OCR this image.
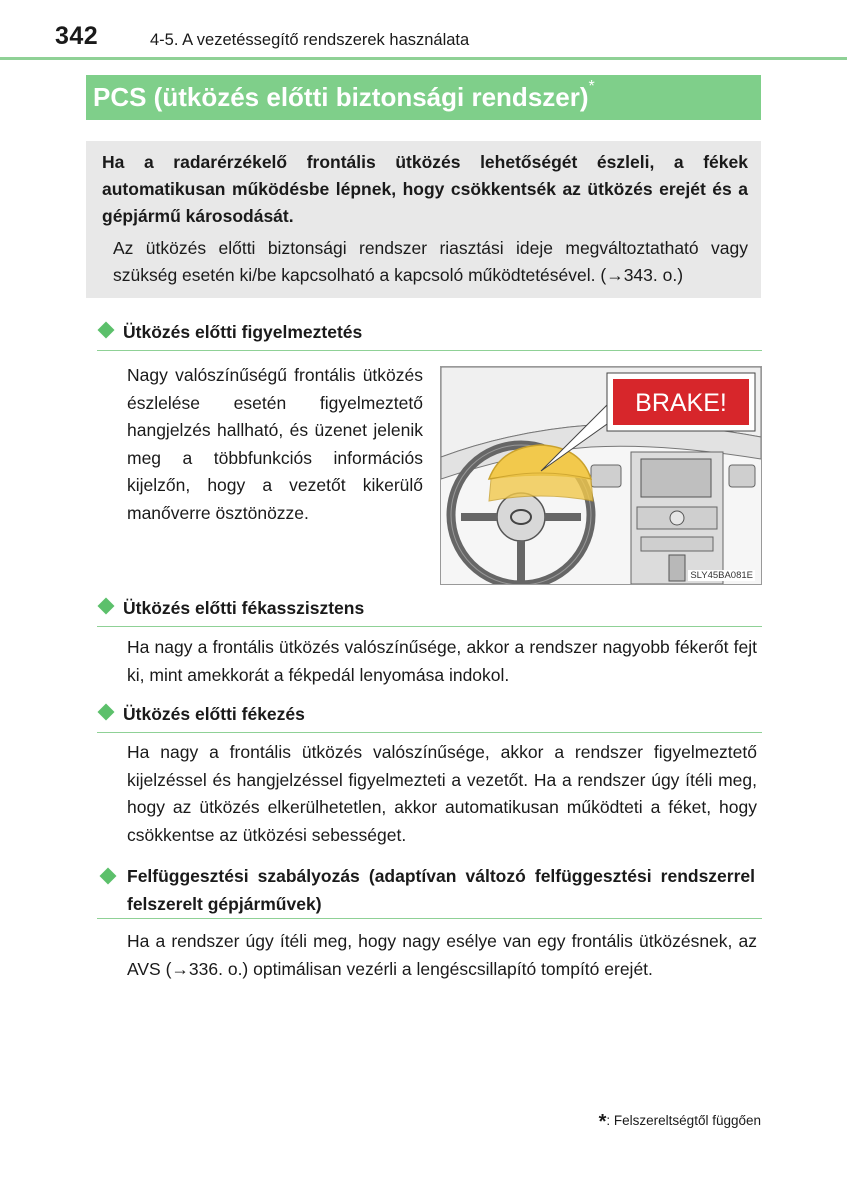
342	4-5. A vezetéssegítő rendszerek használata
PCS (ütközés előtti biztonsági rendszer)*
Ha a radarérzékelő frontális ütközés lehetőségét észleli, a fékek automatikusan működésbe lépnek, hogy csökkentsék az ütközés erejét és a gépjármű károsodását.
Az ütközés előtti biztonsági rendszer riasztási ideje megváltoztatható vagy szükség esetén ki/be kapcsolható a kapcsoló működtetésével. (→343. o.)
Ütközés előtti figyelmeztetés
Nagy valószínűségű frontális ütközés észlelése esetén figyelmeztető hangjelzés hallható, és üzenet jelenik meg a többfunkciós információs kijelzőn, hogy a vezetőt kikerülő manőverre ösztönözze.
BRAKE!
SLY45BA081E
Ütközés előtti fékasszisztens
Ha nagy a frontális ütközés valószínűsége, akkor a rendszer nagyobb fékerőt fejt ki, mint amekkorát a fékpedál lenyomása indokol.
Ütközés előtti fékezés
Ha nagy a frontális ütközés valószínűsége, akkor a rendszer figyelmeztető kijelzéssel és hangjelzéssel figyelmezteti a vezetőt. Ha a rendszer úgy ítéli meg, hogy az ütközés elkerülhetetlen, akkor automatikusan működteti a féket, hogy csökkentse az ütközési sebességet.
Felfüggesztési szabályozás (adaptívan változó felfüggesztési rendszerrel felszerelt gépjárművek)
Ha a rendszer úgy ítéli meg, hogy nagy esélye van egy frontális ütközésnek, az AVS (→336. o.) optimálisan vezérli a lengéscsillapító tompító erejét.
*: Felszereltségtől függően
